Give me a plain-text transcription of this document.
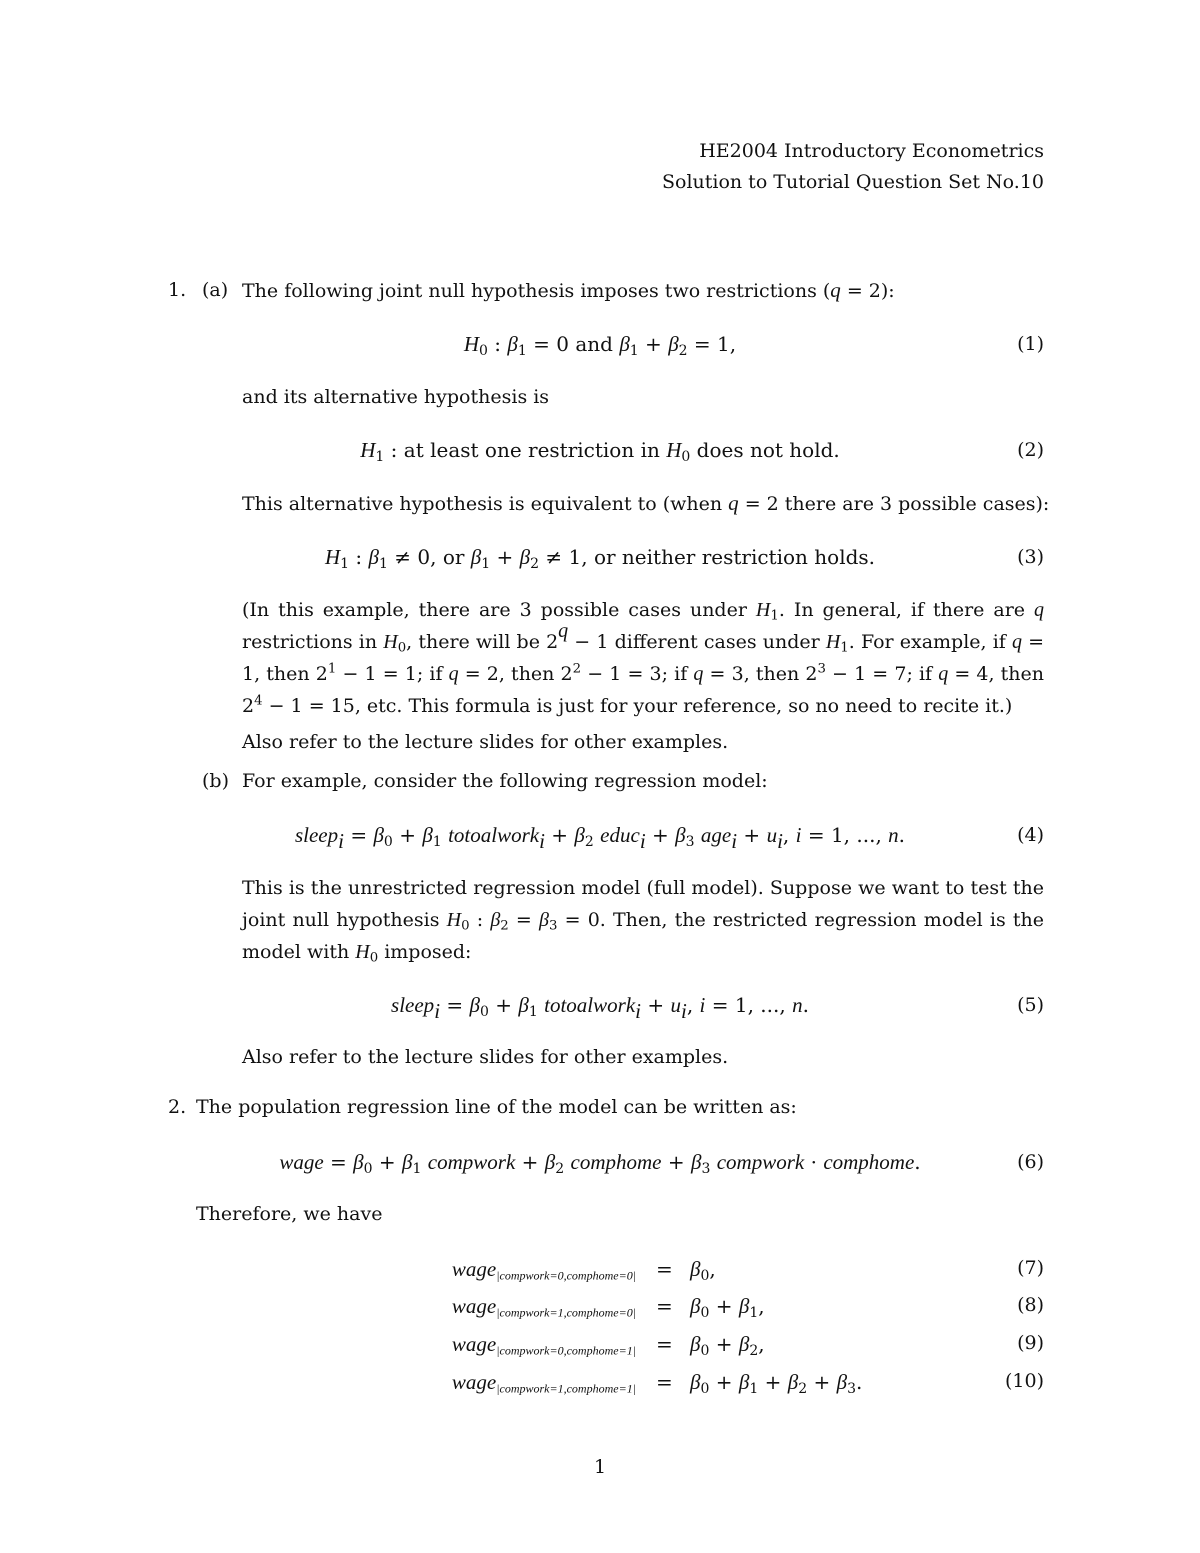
HE2004 Introductory Econometrics
Solution to Tutorial Question Set No.10
1. (a) The following joint null hypothesis imposes two restrictions (q = 2):
$H_0$ : $\beta_1 = 0$ and $\beta_1 + \beta_2 = 1$,	(1)
and its alternative hypothesis is
$H_1$ : at least one restriction in $H_0$ does not hold.	(2)
This alternative hypothesis is equivalent to (when q = 2 there are 3 possible cases):
$H_1$ : $\beta_1 \ne 0$, or $\beta_1 + \beta_2 \ne 1$, or neither restriction holds.	(3)
(In this example, there are 3 possible cases under $H_1$. In general, if there are q restrictions in $H_0$, there will be $2^q - 1$ different cases under $H_1$. For example, if q = 1, then $2^1 - 1 = 1$; if q = 2, then $2^2 - 1 = 3$; if q = 3, then $2^3 - 1 = 7$; if q = 4, then $2^4 - 1 = 15$, etc. This formula is just for your reference, so no need to recite it.)
Also refer to the lecture slides for other examples.
(b) For example, consider the following regression model:
sleep$_i$ = $\beta_0 + \beta_1$ totoalwork$_i$ + $\beta_2$ educ$_i$ + $\beta_3$ $age_i + u_i$, i = 1, ..., n.	(4)
This is the unrestricted regression model (full model). Suppose we want to test the joint null hypothesis $H_0$ : $\beta_2 = \beta_3 = 0$. Then, the restricted regression model is the model with $H_0$ imposed:
sleep$_i$ = $\beta_0 + \beta_1$ totoalwork$_i$ + $u_i$, i = 1, ..., n.	(5)
Also refer to the lecture slides for other examples.
2. The population regression line of the model can be written as:
wage = $\beta_0 + \beta_1$ compwork + $\beta_2$ comphome + $\beta_3$ compwork · comphome.	(6)
Therefore, we have
wage$_{|compwork=0,comphome=0|}$ = $\beta_0$,	(7)
wage$_{|compwork=1,comphome=0|}$ = $\beta_0 + \beta_1$,	(8)
wage$_{|compwork=0,comphome=1|}$ = $\beta_0 + \beta_2$,	(9)
wage$_{|compwork=1,comphome=1|}$ = $\beta_0 + \beta_1 + \beta_2 + \beta_3$.	(10)
1
